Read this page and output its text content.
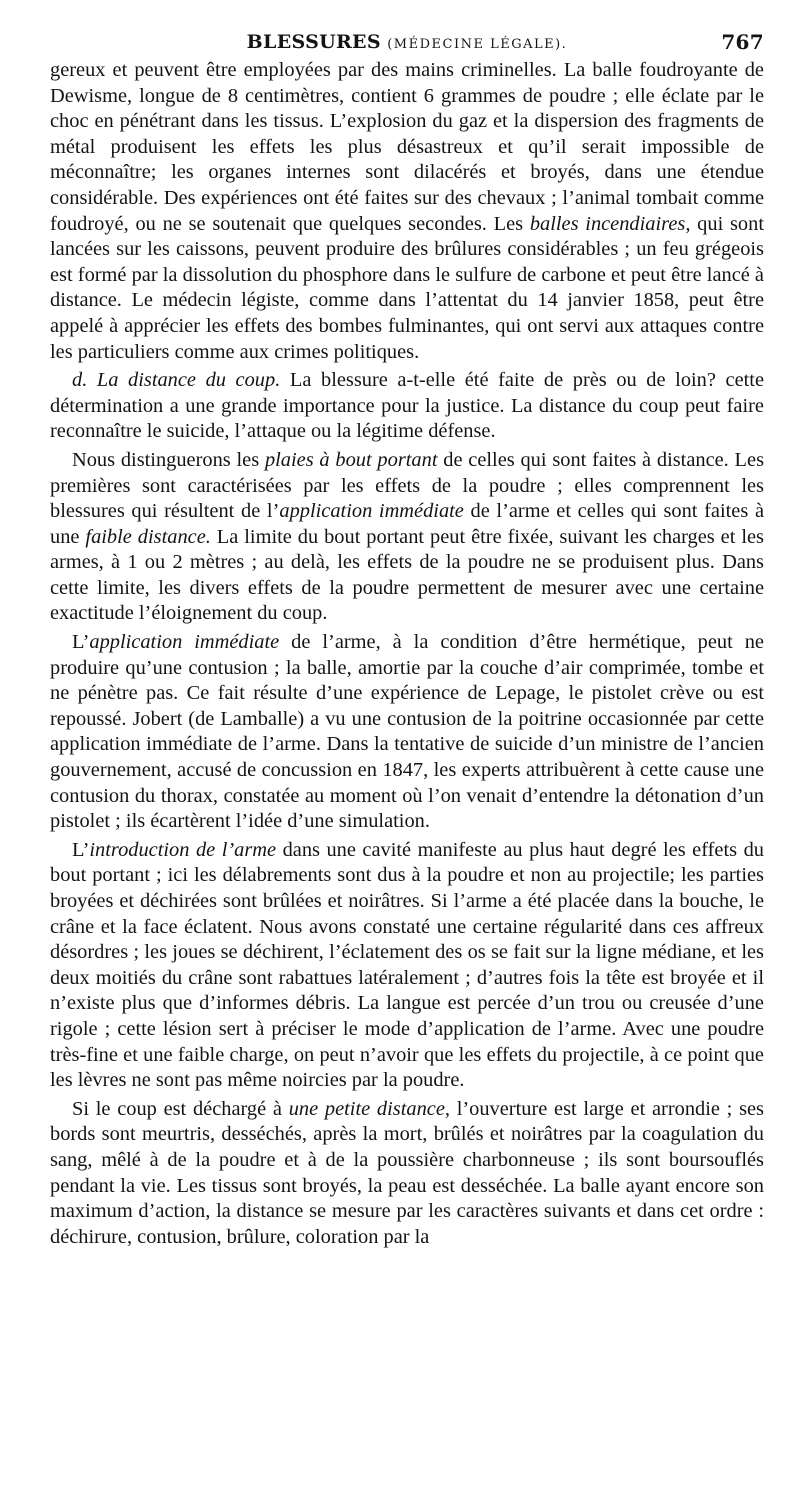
BLESSURES (MÉDECINE LÉGALE).	767

gereux et peuvent être employées par des mains criminelles. La balle foudroyante de Dewisme, longue de 8 centimètres, contient 6 grammes de poudre ; elle éclate par le choc en pénétrant dans les tissus. L’explosion du gaz et la dispersion des fragments de métal produisent les effets les plus désastreux et qu’il serait impossible de méconnaître; les organes internes sont dilacérés et broyés, dans une étendue considérable. Des expériences ont été faites sur des chevaux ; l’animal tombait comme foudroyé, ou ne se soutenait que quelques secondes. Les balles incendiaires, qui sont lancées sur les caissons, peuvent produire des brûlures considérables ; un feu grégeois est formé par la dissolution du phosphore dans le sulfure de carbone et peut être lancé à distance. Le médecin légiste, comme dans l’attentat du 14 janvier 1858, peut être appelé à apprécier les effets des bombes fulminantes, qui ont servi aux attaques contre les particuliers comme aux crimes politiques.

d. La distance du coup. La blessure a-t-elle été faite de près ou de loin? cette détermination a une grande importance pour la justice. La distance du coup peut faire reconnaître le suicide, l’attaque ou la légitime défense.

Nous distinguerons les plaies à bout portant de celles qui sont faites à distance. Les premières sont caractérisées par les effets de la poudre ; elles comprennent les blessures qui résultent de l’application immédiate de l’arme et celles qui sont faites à une faible distance. La limite du bout portant peut être fixée, suivant les charges et les armes, à 1 ou 2 mètres ; au delà, les effets de la poudre ne se produisent plus. Dans cette limite, les divers effets de la poudre permettent de mesurer avec une certaine exactitude l’éloignement du coup.

L’application immédiate de l’arme, à la condition d’être hermétique, peut ne produire qu’une contusion ; la balle, amortie par la couche d’air comprimée, tombe et ne pénètre pas. Ce fait résulte d’une expérience de Lepage, le pistolet crève ou est repoussé. Jobert (de Lamballe) a vu une contusion de la poitrine occasionnée par cette application immédiate de l’arme. Dans la tentative de suicide d’un ministre de l’ancien gouvernement, accusé de concussion en 1847, les experts attribuèrent à cette cause une contusion du thorax, constatée au moment où l’on venait d’entendre la détonation d’un pistolet ; ils écartèrent l’idée d’une simulation.

L’introduction de l’arme dans une cavité manifeste au plus haut degré les effets du bout portant ; ici les délabrements sont dus à la poudre et non au projectile; les parties broyées et déchirées sont brûlées et noirâtres. Si l’arme a été placée dans la bouche, le crâne et la face éclatent. Nous avons constaté une certaine régularité dans ces affreux désordres ; les joues se déchirent, l’éclatement des os se fait sur la ligne médiane, et les deux moitiés du crâne sont rabattues latéralement ; d’autres fois la tête est broyée et il n’existe plus que d’informes débris. La langue est percée d’un trou ou creusée d’une rigole ; cette lésion sert à préciser le mode d’application de l’arme. Avec une poudre très-fine et une faible charge, on peut n’avoir que les effets du projectile, à ce point que les lèvres ne sont pas même noircies par la poudre.

Si le coup est déchargé à une petite distance, l’ouverture est large et arrondie ; ses bords sont meurtris, desséchés, après la mort, brûlés et noirâtres par la coagulation du sang, mêlé à de la poudre et à de la poussière charbonneuse ; ils sont boursouflés pendant la vie. Les tissus sont broyés, la peau est desséchée. La balle ayant encore son maximum d’action, la distance se mesure par les caractères suivants et dans cet ordre : déchirure, contusion, brûlure, coloration par la
